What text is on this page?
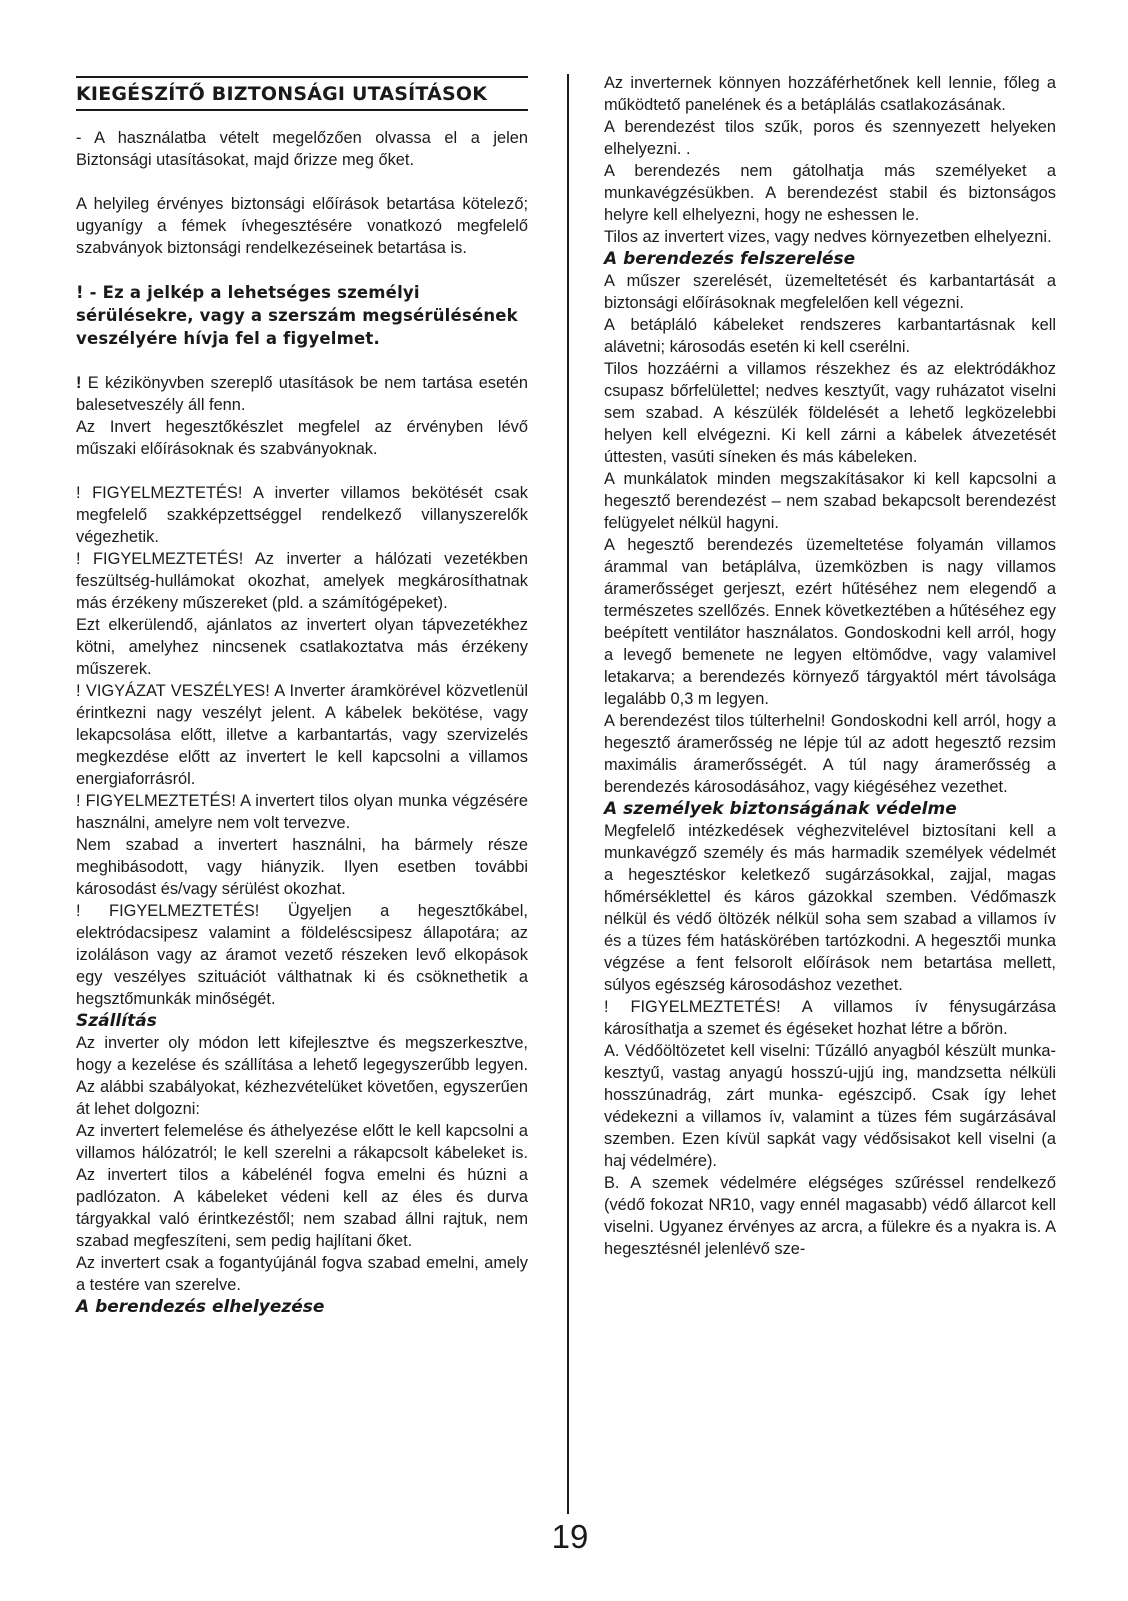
KIEGÉSZÍTŐ BIZTONSÁGI UTASÍTÁSOK

- A használatba vételt megelőzően olvassa el a jelen Biztonsági utasításokat, majd őrizze meg őket.

A helyileg érvényes biztonsági előírások betartása kötelező; ugyanígy a fémek ívhegesztésére vonatkozó megfelelő szabványok biztonsági rendelkezéseinek betartása is.

! - Ez a jelkép a lehetséges személyi sérülésekre, vagy a szerszám megsérülésének veszélyére hívja fel a figyelmet.

! E kézikönyvben szereplő utasítások be nem tartása esetén balesetveszély áll fenn.

Az Invert hegesztőkészlet megfelel az érvényben lévő műszaki előírásoknak és szabványoknak.

! FIGYELMEZTETÉS! A inverter villamos bekötését csak megfelelő szakképzettséggel rendelkező villanyszerelők végezhetik.

! FIGYELMEZTETÉS! Az inverter a hálózati vezetékben feszültség-hullámokat okozhat, amelyek megkárosíthatnak más érzékeny műszereket (pld. a számítógépeket).

Ezt elkerülendő, ajánlatos az invertert olyan tápvezetékhez kötni, amelyhez nincsenek csatlakoztatva más érzékeny műszerek.

! VIGYÁZAT VESZÉLYES! A Inverter áramkörével közvetlenül érintkezni nagy veszélyt jelent. A kábelek bekötése, vagy lekapcsolása előtt, illetve a karbantartás, vagy szervizelés megkezdése előtt az invertert le kell kapcsolni a villamos energiaforrásról.

! FIGYELMEZTETÉS! A invertert tilos olyan munka végzésére használni, amelyre nem volt tervezve.

Nem szabad a invertert használni, ha bármely része meghibásodott, vagy hiányzik. Ilyen esetben további károsodást és/vagy sérülést okozhat.

! FIGYELMEZTETÉS! Ügyeljen a hegesztőkábel, elektródacsipesz valamint a földeléscsipesz állapotára; az izoláláson vagy az áramot vezető részeken levő elkopások egy veszélyes szituációt válthatnak ki és csöknethetik a hegsztőmunkák minőségét.

Szállítás

Az inverter oly módon lett kifejlesztve és megszerkesztve, hogy a kezelése és szállítása a lehető legegyszerűbb legyen. Az alábbi szabályokat, kézhezvételüket követően, egyszerűen át lehet dolgozni:

Az invertert felemelése és áthelyezése előtt le kell kapcsolni a villamos hálózatról; le kell szerelni a rákapcsolt kábeleket is. Az invertert tilos a kábelénél fogva emelni és húzni a padlózaton. A kábeleket védeni kell az éles és durva tárgyakkal való érintkezéstől; nem szabad állni rajtuk, nem szabad megfeszíteni, sem pedig hajlítani őket.

Az invertert csak a fogantyújánál fogva szabad emelni, amely a testére van szerelve.

A berendezés elhelyezése

Az inverternek könnyen hozzáférhetőnek kell lennie, főleg a működtető panelének és a betáplálás csatlakozásának.

A berendezést tilos szűk, poros és szennyezett helyeken elhelyezni. .

A berendezés nem gátolhatja más személyeket a munkavégzésükben. A berendezést stabil és biztonságos helyre kell elhelyezni, hogy ne eshessen le.

Tilos az invertert vizes, vagy nedves környezetben elhelyezni.

A berendezés felszerelése

A műszer szerelését, üzemeltetését és karbantartását a biztonsági előírásoknak megfelelően kell végezni.

A betápláló kábeleket rendszeres karbantartásnak kell alávetni; károsodás esetén ki kell cserélni.

Tilos hozzáérni a villamos részekhez és az elektródákhoz csupasz bőrfelülettel; nedves kesztyűt, vagy ruházatot viselni sem szabad. A készülék földelését a lehető legközelebbi helyen kell elvégezni. Ki kell zárni a kábelek átvezetését úttesten, vasúti síneken és más kábeleken.

A munkálatok minden megszakításakor ki kell kapcsolni a hegesztő berendezést – nem szabad bekapcsolt berendezést felügyelet nélkül hagyni.

A hegesztő berendezés üzemeltetése folyamán villamos árammal van betáplálva, üzemközben is nagy villamos áramerősséget gerjeszt, ezért hűtéséhez nem elegendő a természetes szellőzés. Ennek következtében a hűtéséhez egy beépített ventilátor használatos. Gondoskodni kell arról, hogy a levegő bemenete ne legyen eltömődve, vagy valamivel letakarva; a berendezés környező tárgyaktól mért távolsága legalább 0,3 m legyen.

A berendezést tilos túlterhelni! Gondoskodni kell arról, hogy a hegesztő áramerősség ne lépje túl az adott hegesztő rezsim maximális áramerősségét. A túl nagy áramerősség a berendezés károsodásához, vagy kiégéséhez vezethet.

A személyek biztonságának védelme

Megfelelő intézkedések véghezvitelével biztosítani kell a munkavégző személy és más harmadik személyek védelmét a hegesztéskor keletkező sugárzásokkal, zajjal, magas hőmérséklettel és káros gázokkal szemben. Védőmaszk nélkül és védő öltözék nélkül soha sem szabad a villamos ív és a tüzes fém hatáskörében tartózkodni. A hegesztői munka végzése a fent felsorolt előírások nem betartása mellett, súlyos egészség károsodáshoz vezethet.

! FIGYELMEZTETÉS! A villamos ív fénysugárzása károsíthatja a szemet és égéseket hozhat létre a bőrön.

A. Védőöltözetet kell viselni: Tűzálló anyagból készült munka-kesztyű, vastag anyagú hosszú-ujjú ing, mandzsetta nélküli hosszúnadrág, zárt munka- egészcipő. Csak így lehet védekezni a villamos ív, valamint a tüzes fém sugárzásával szemben. Ezen kívül sapkát vagy védősisakot kell viselni (a haj védelmére).

B. A szemek védelmére elégséges szűréssel rendelkező (védő fokozat NR10, vagy ennél magasabb) védő állarcot kell viselni. Ugyanez érvényes az arcra, a fülekre és a nyakra is. A hegesztésnél jelenlévő sze-

19
